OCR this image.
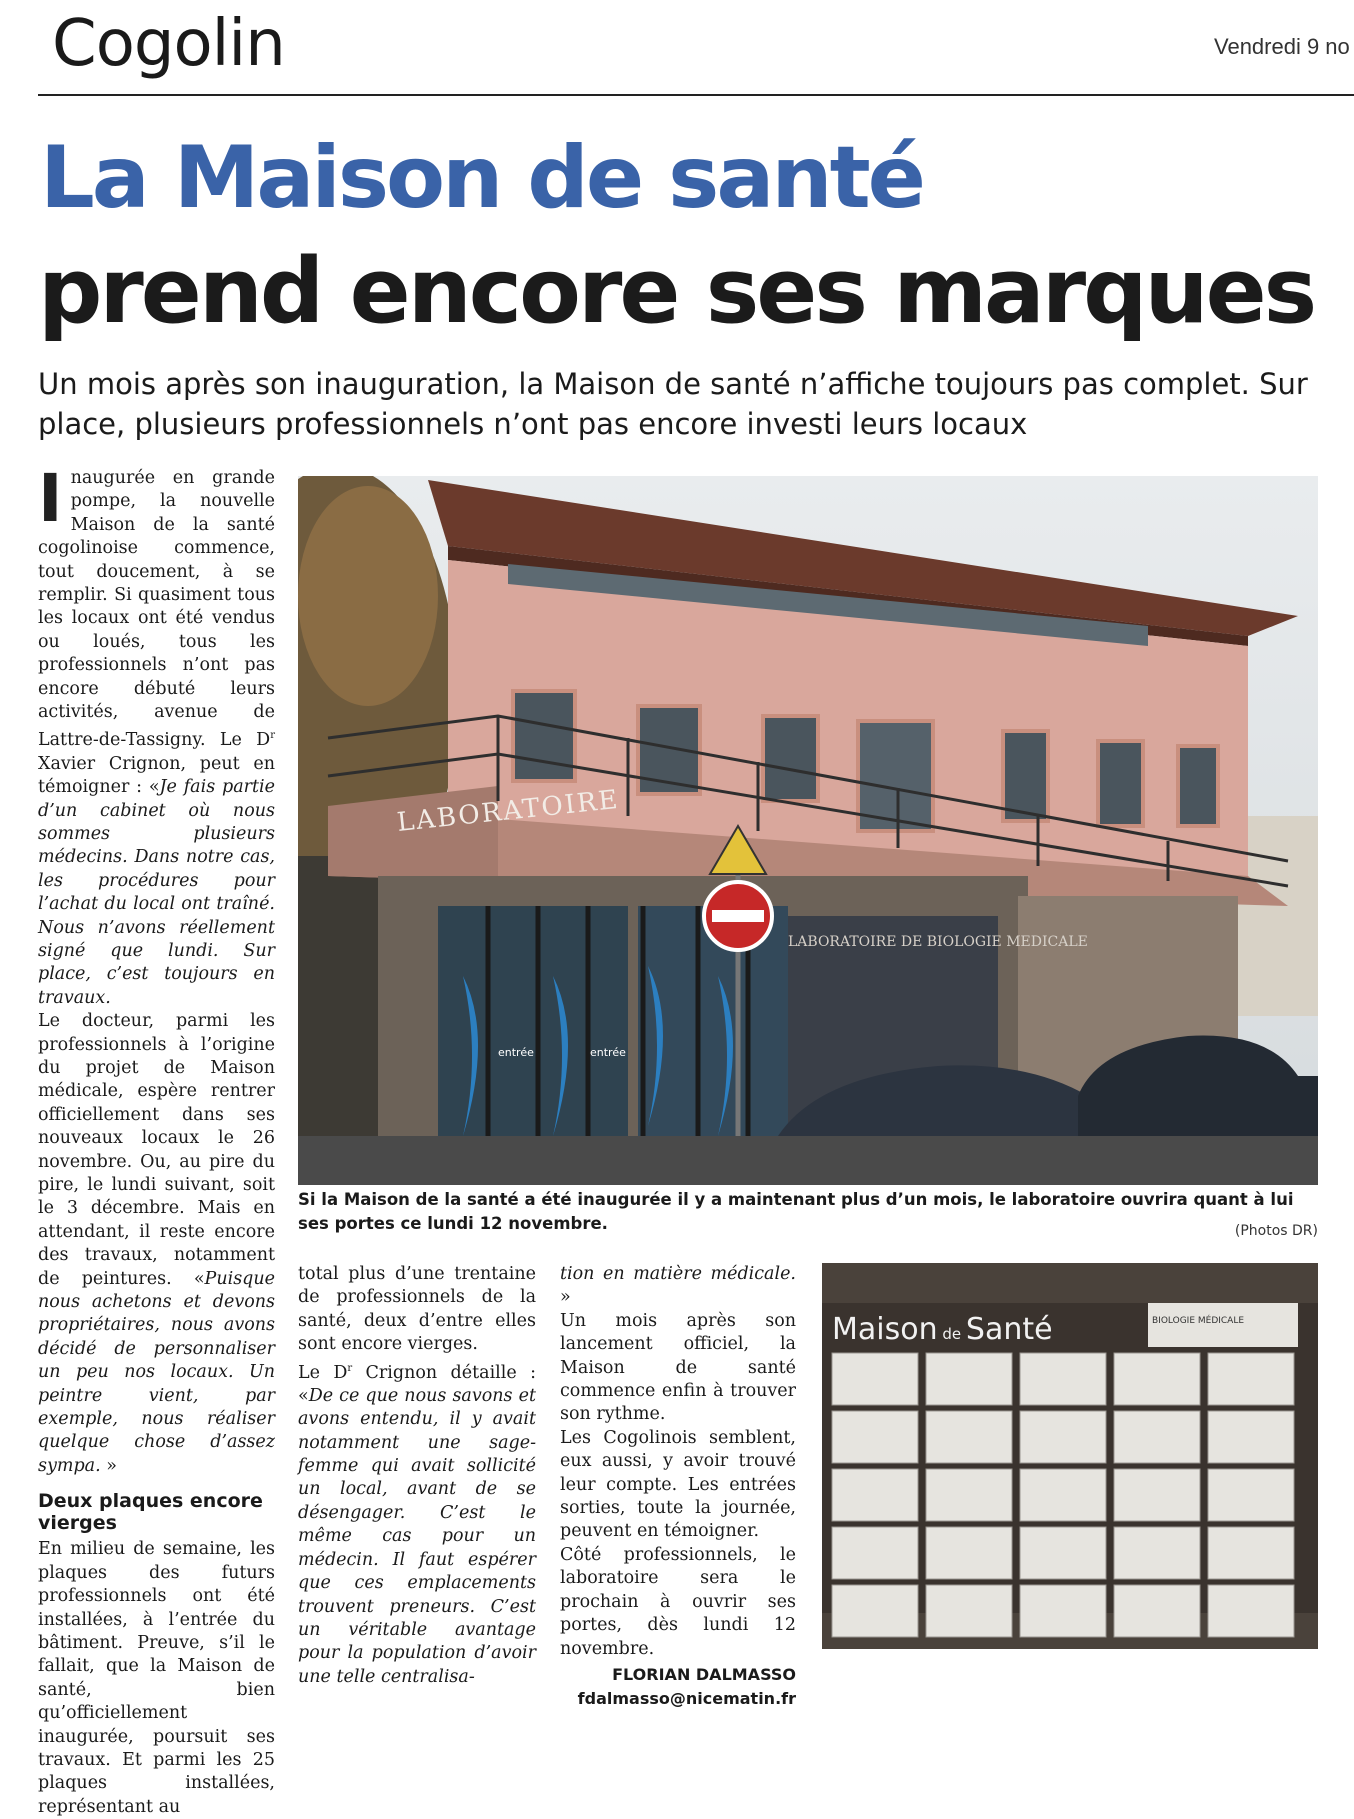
Cogolin	Vendredi 9 no
La Maison de santé
prend encore ses marques
Un mois après son inauguration, la Maison de santé n’affiche toujours pas complet. Sur place, plusieurs professionnels n’ont pas encore investi leurs locaux

Inaugurée en grande pompe, la nouvelle Maison de la santé cogolinoise commence, tout doucement, à se remplir. Si quasiment tous les locaux ont été vendus ou loués, tous les professionnels n’ont pas encore débuté leurs activités, avenue de Lattre-de-Tassigny. Le $D^r$ Xavier Crignon, peut en témoigner : «Je fais partie d’un cabinet où nous sommes plusieurs médecins. Dans notre cas, les procédures pour l’achat du local ont traîné. Nous n’avons réellement signé que lundi. Sur place, c’est toujours en travaux.

Le docteur, parmi les professionnels à l’origine du projet de Maison médicale, espère rentrer officiellement dans ses nouveaux locaux le 26 novembre. Ou, au pire du pire, le lundi suivant, soit le 3 décembre. Mais en attendant, il reste encore des travaux, notamment de peintures. «Puisque nous achetons et devons propriétaires, nous avons décidé de personnaliser un peu nos locaux. Un peintre vient, par exemple, nous réaliser quelque chose d’assez sympa. »

Deux plaques encore vierges

En milieu de semaine, les plaques des futurs professionnels ont été installées, à l’entrée du bâtiment. Preuve, s’il le fallait, que la Maison de santé, bien qu’officiellement inaugurée, poursuit ses travaux. Et parmi les 25 plaques installées, représentant au

LABORATOIRE
entrée	entrée
LABORATOIRE DE BIOLOGIE MEDICALE
Si la Maison de la santé a été inaugurée il y a maintenant plus d’un mois, le laboratoire ouvrira quant à lui ses portes ce lundi 12 novembre.	(Photos DR)

total plus d’une trentaine de professionnels de la santé, deux d’entre elles sont encore vierges.

Le $D^r$ Crignon détaille : «De ce que nous savons et avons entendu, il y avait notamment une sage-femme qui avait sollicité un local, avant de se désengager. C’est le même cas pour un médecin. Il faut espérer que ces emplacements trouvent preneurs. C’est un véritable avantage pour la population d’avoir une telle centralisa-

tion en matière médicale. »

Un mois après son lancement officiel, la Maison de santé commence enfin à trouver son rythme.

Les Cogolinois semblent, eux aussi, y avoir trouvé leur compte. Les entrées sorties, toute la journée, peuvent en témoigner.

Côté professionnels, le laboratoire sera le prochain à ouvrir ses portes, dès lundi 12 novembre.

FLORIAN DALMASSO
fdalmasso@nicematin.fr
BIOLOGIE MÉDICALE
Maison de Santé
